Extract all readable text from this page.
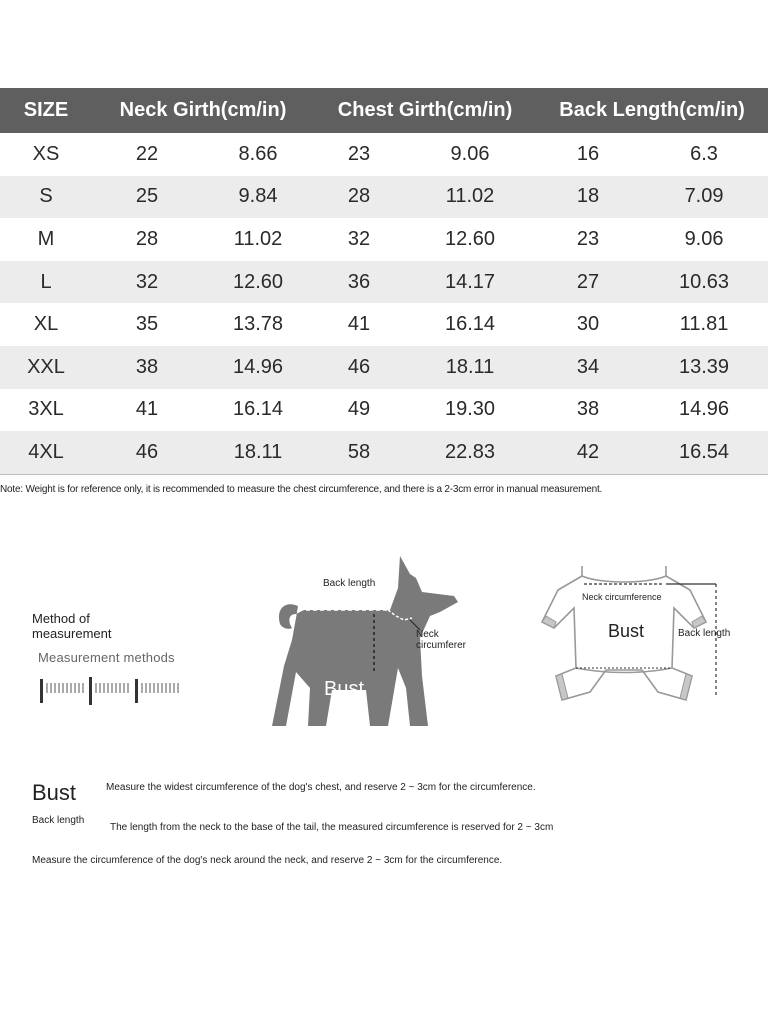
SIZE	Neck Girth(cm/in)		Chest Girth(cm/in)		Back Length(cm/in)	
XS	22	8.66	23	9.06	16	6.3
S	25	9.84	28	11.02	18	7.09
M	28	11.02	32	12.60	23	9.06
L	32	12.60	36	14.17	27	10.63
XL	35	13.78	41	16.14	30	11.81
XXL	38	14.96	46	18.11	34	13.39
3XL	41	16.14	49	19.30	38	14.96
4XL	46	18.11	58	22.83	42	16.54
Note: Weight is for reference only, it is recommended to measure the chest circumference, and there is a 2-3cm error in manual measurement.
Method of
measurement
Measurement methods
Back length
Neck
circumferer
Bust
Neck circumference
Bust	Back length
Bust	Measure the widest circumference of the dog's chest, and reserve 2 ~ 3cm for the circumference.
Back length
The length from the neck to the base of the tail, the measured circumference is reserved for 2 ~ 3cm
Measure the circumference of the dog's neck around the neck, and reserve 2 ~ 3cm for the circumference.
